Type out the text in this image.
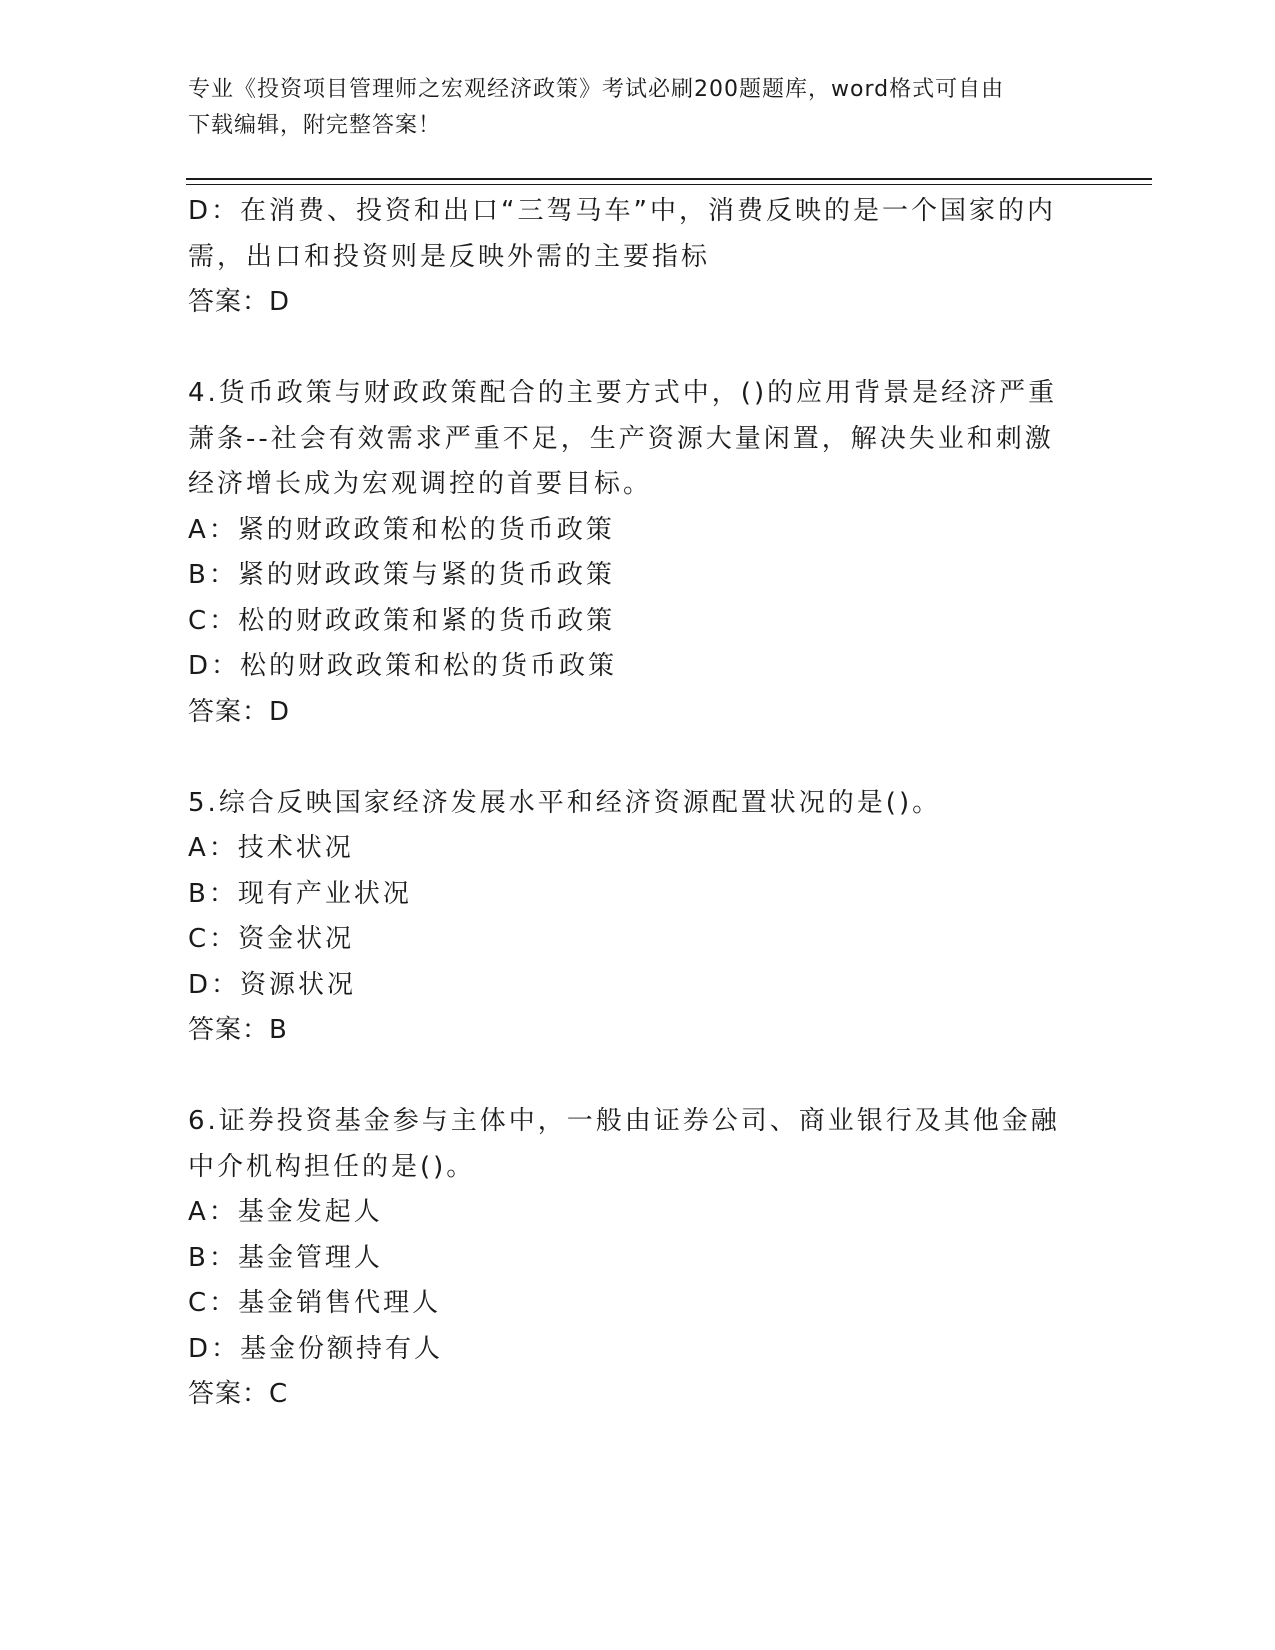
专业《投资项目管理师之宏观经济政策》考试必刷200题题库，word格式可自由
下载编辑，附完整答案！

D：在消费、投资和出口“三驾马车”中，消费反映的是一个国家的内

需，出口和投资则是反映外需的主要指标

答案：D

4.货币政策与财政政策配合的主要方式中，()的应用背景是经济严重

萧条--社会有效需求严重不足，生产资源大量闲置，解决失业和刺激

经济增长成为宏观调控的首要目标。

A：紧的财政政策和松的货币政策

B：紧的财政政策与紧的货币政策

C：松的财政政策和紧的货币政策

D：松的财政政策和松的货币政策

答案：D

5.综合反映国家经济发展水平和经济资源配置状况的是()。

A：技术状况

B：现有产业状况

C：资金状况

D：资源状况

答案：B

6.证券投资基金参与主体中，一般由证券公司、商业银行及其他金融

中介机构担任的是()。

A：基金发起人

B：基金管理人

C：基金销售代理人

D：基金份额持有人

答案：C
